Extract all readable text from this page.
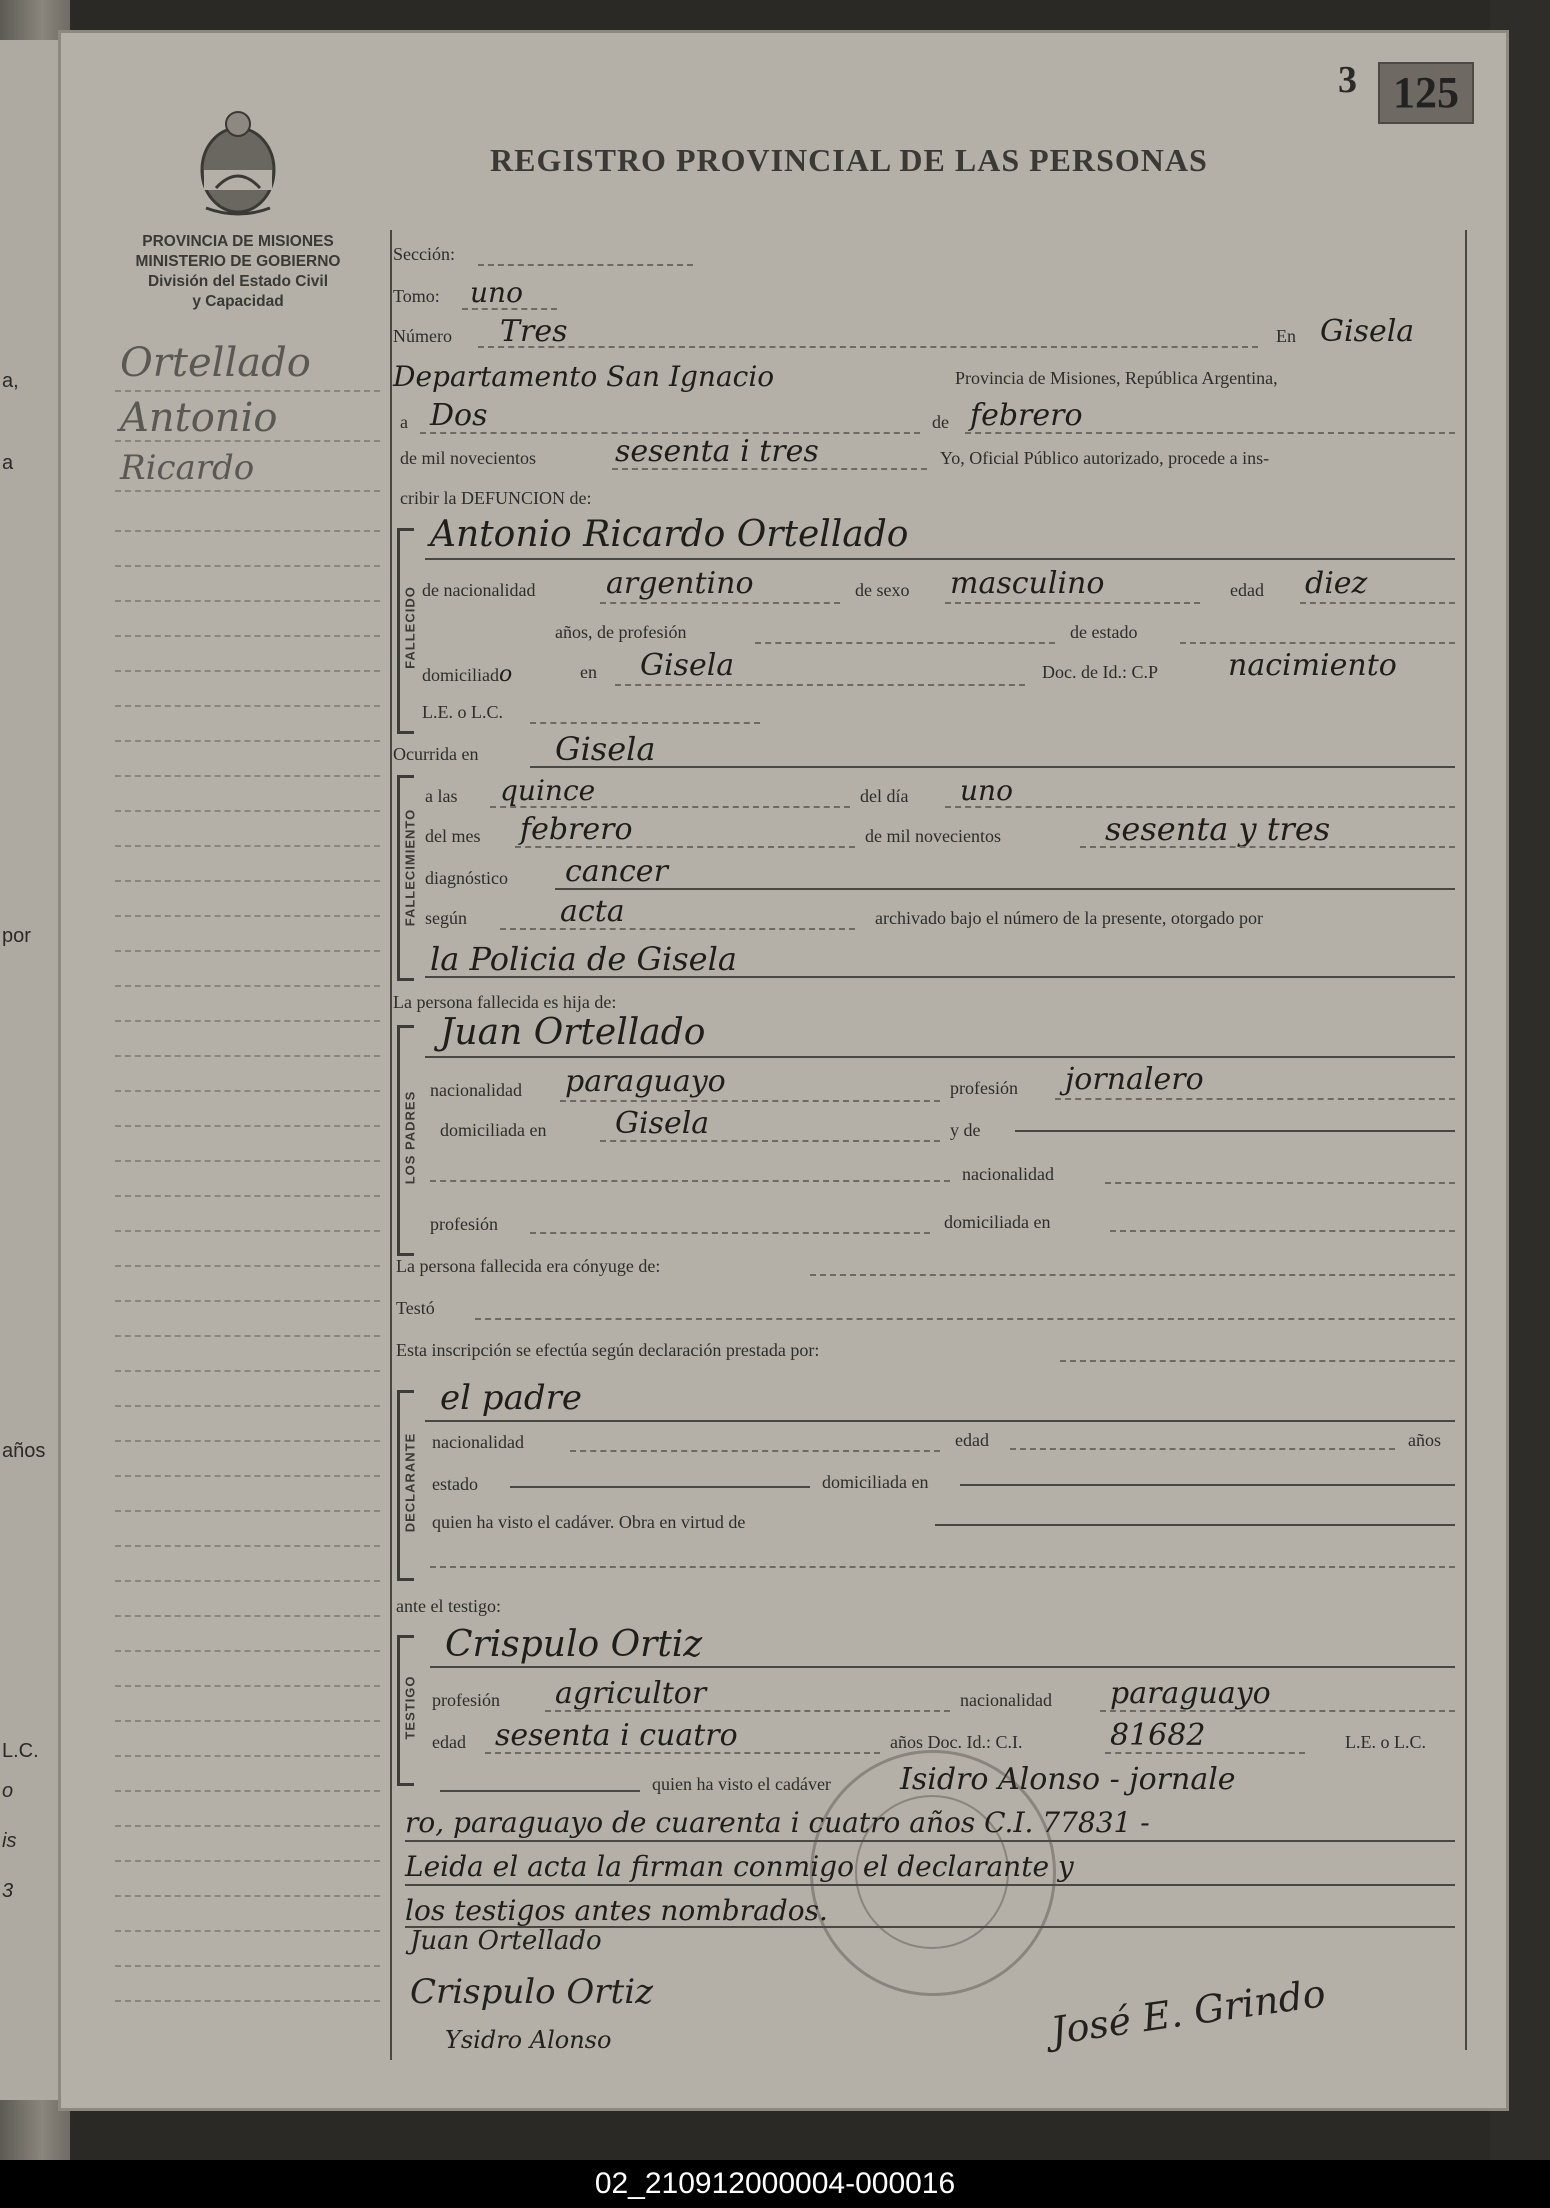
a,
a
por
años
L.C.
o
is
3
3 125
REGISTRO PROVINCIAL DE LAS PERSONAS
PROVINCIA DE MISIONES
MINISTERIO DE GOBIERNO
División del Estado Civil
y Capacidad
Ortellado
Antonio
Ricardo
Sección:
Tomo: uno
Número Tres	En Gisela
Departamento San Ignacio	Provincia de Misiones, República Argentina,
a Dos	de febrero
de mil novecientos	sesenta i tres	Yo, Oficial Público autorizado, procede a ins-
cribir la DEFUNCION de:
FALLECIDO
Antonio Ricardo Ortellado
de nacionalidad argentino	de sexo masculino	edad diez
años, de profesión	de estado
domiciliado	en Gisela	Doc. de Id.: C.P nacimiento
L.E. o L.C.
Ocurrida en Gisela
FALLECIMIENTO
a las quince	del día uno
del mes febrero	de mil novecientos	sesenta y tres
diagnóstico cancer
según	acta	archivado bajo el número de la presente, otorgado por
la Policia de Gisela
La persona fallecida es hija de:
LOS PADRES
Juan Ortellado
nacionalidad paraguayo	profesión jornalero
domiciliada en Gisela	y de
nacionalidad
profesión	domiciliada en
La persona fallecida era cónyuge de:
Testó
Esta inscripción se efectúa según declaración prestada por:
DECLARANTE
el padre
nacionalidad	edad	años
estado	domiciliada en
quien ha visto el cadáver. Obra en virtud de
ante el testigo:
TESTIGO
Crispulo Ortiz
profesión agricultor	nacionalidad paraguayo
edad sesenta i cuatro	años Doc. Id.: C.I.	81682	L.E. o L.C.
quien ha visto el cadáver Isidro Alonso - jornale
ro, paraguayo de cuarenta i cuatro años C.I. 77831 -
Leida el acta la firman conmigo el declarante y
los testigos antes nombrados.
Juan Ortellado
Crispulo Ortiz
Ysidro Alonso	José E. Grindo
02_210912000004-000016
